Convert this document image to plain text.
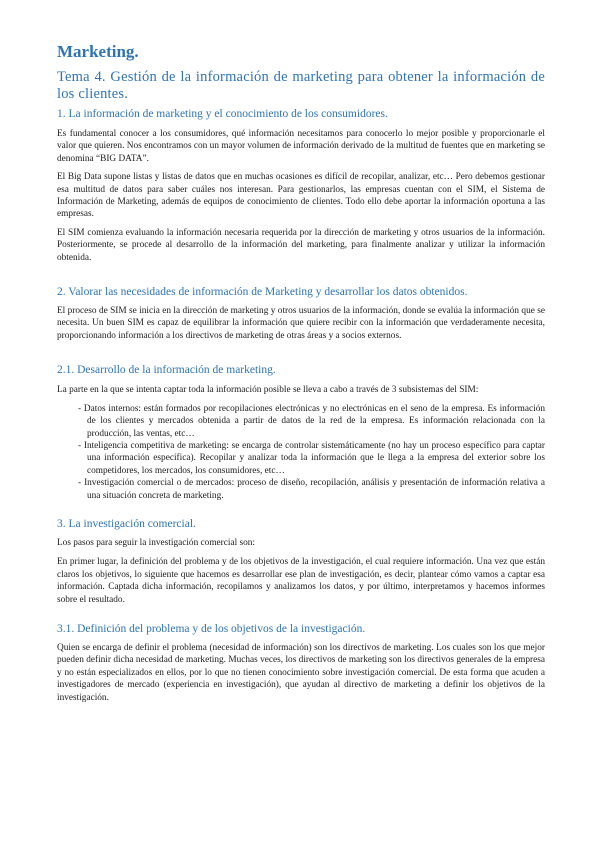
Marketing.
Tema 4. Gestión de la información de marketing para obtener la información de los clientes.
1. La información de marketing y el conocimiento de los consumidores.

Es fundamental conocer a los consumidores, qué información necesitamos para conocerlo lo mejor posible y proporcionarle el valor que quieren. Nos encontramos con un mayor volumen de información derivado de la multitud de fuentes que en marketing se denomina “BIG DATA”.

El Big Data supone listas y listas de datos que en muchas ocasiones es difícil de recopilar, analizar, etc… Pero debemos gestionar esa multitud de datos para saber cuáles nos interesan. Para gestionarlos, las empresas cuentan con el SIM, el Sistema de Información de Marketing, además de equipos de conocimiento de clientes. Todo ello debe aportar la información oportuna a las empresas.

El SIM comienza evaluando la información necesaria requerida por la dirección de marketing y otros usuarios de la información. Posteriormente, se procede al desarrollo de la información del marketing, para finalmente analizar y utilizar la información obtenida.

2. Valorar las necesidades de información de Marketing y desarrollar los datos obtenidos.

El proceso de SIM se inicia en la dirección de marketing y otros usuarios de la información, donde se evalúa la información que se necesita. Un buen SIM es capaz de equilibrar la información que quiere recibir con la información que verdaderamente necesita, proporcionando información a los directivos de marketing de otras áreas y a socios externos.

2.1. Desarrollo de la información de marketing.

La parte en la que se intenta captar toda la información posible se lleva a cabo a través de 3 subsistemas del SIM:

- Datos internos: están formados por recopilaciones electrónicas y no electrónicas en el seno de la empresa. Es información de los clientes y mercados obtenida a partir de datos de la red de la empresa. Es información relacionada con la producción, las ventas, etc…
- Inteligencia competitiva de marketing: se encarga de controlar sistemáticamente (no hay un proceso específico para captar una información específica). Recopilar y analizar toda la información que le llega a la empresa del exterior sobre los competidores, los mercados, los consumidores, etc…
- Investigación comercial o de mercados: proceso de diseño, recopilación, análisis y presentación de información relativa a una situación concreta de marketing.
3. La investigación comercial.

Los pasos para seguir la investigación comercial son:

En primer lugar, la definición del problema y de los objetivos de la investigación, el cual requiere información. Una vez que están claros los objetivos, lo siguiente que hacemos es desarrollar ese plan de investigación, es decir, plantear cómo vamos a captar esa información. Captada dicha información, recopilamos y analizamos los datos, y por último, interpretamos y hacemos informes sobre el resultado.

3.1. Definición del problema y de los objetivos de la investigación.

Quien se encarga de definir el problema (necesidad de información) son los directivos de marketing. Los cuales son los que mejor pueden definir dicha necesidad de marketing. Muchas veces, los directivos de marketing son los directivos generales de la empresa y no están especializados en ellos, por lo que no tienen conocimiento sobre investigación comercial. De esta forma que acuden a investigadores de mercado (experiencia en investigación), que ayudan al directivo de marketing a definir los objetivos de la investigación.
